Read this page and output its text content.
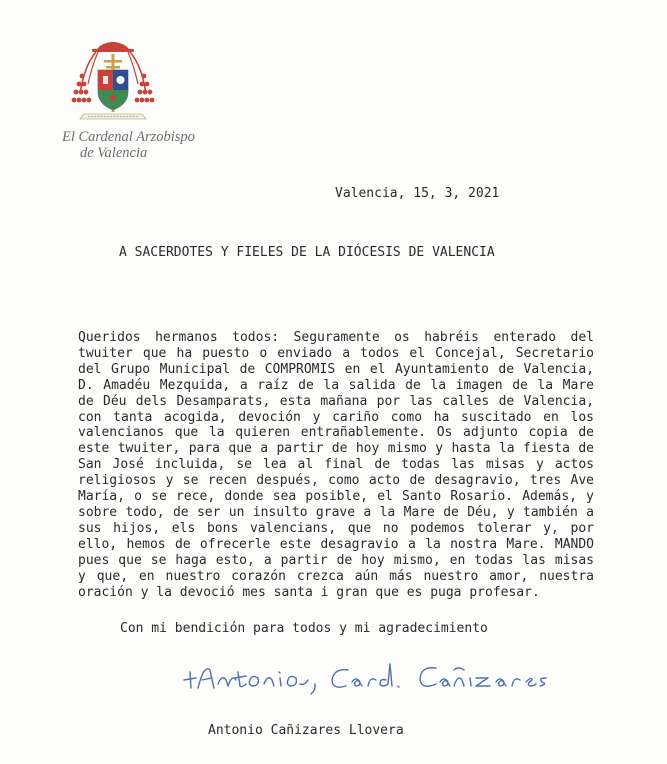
El Cardenal Arzobispo
de Valencia
Valencia, 15, 3, 2021
A SACERDOTES Y FIELES DE LA DIÓCESIS DE VALENCIA

Queridos hermanos todos: Seguramente os habréis enterado del twuiter que ha puesto o enviado a todos el Concejal, Secretario del Grupo Municipal de COMPROMIS en el Ayuntamiento de Valencia, D. Amadéu Mezquida, a raíz de la salida de la imagen de la Mare de Déu dels Desamparats, esta mañana por las calles de Valencia, con tanta acogida, devoción y cariño como ha suscitado en los valencianos que la quieren entrañablemente. Os adjunto copia de este twuiter, para que a partir de hoy mismo y hasta la fiesta de San José incluida, se lea al final de todas las misas y actos religiosos y se recen después, como acto de desagravio, tres Ave María, o se rece, donde sea posible, el Santo Rosario. Además, y sobre todo, de ser un insulto grave a la Mare de Déu, y también a sus hijos, els bons valencians, que no podemos tolerar y, por ello, hemos de ofrecerle este desagravio a la nostra Mare. MANDO pues que se haga esto, a partir de hoy mismo, en todas las misas y que, en nuestro corazón crezca aún más nuestro amor, nuestra oración y la devoció mes santa i gran que es puga profesar.

Con mi bendición para todos y mi agradecimiento
Antonio Cañizares Llovera
